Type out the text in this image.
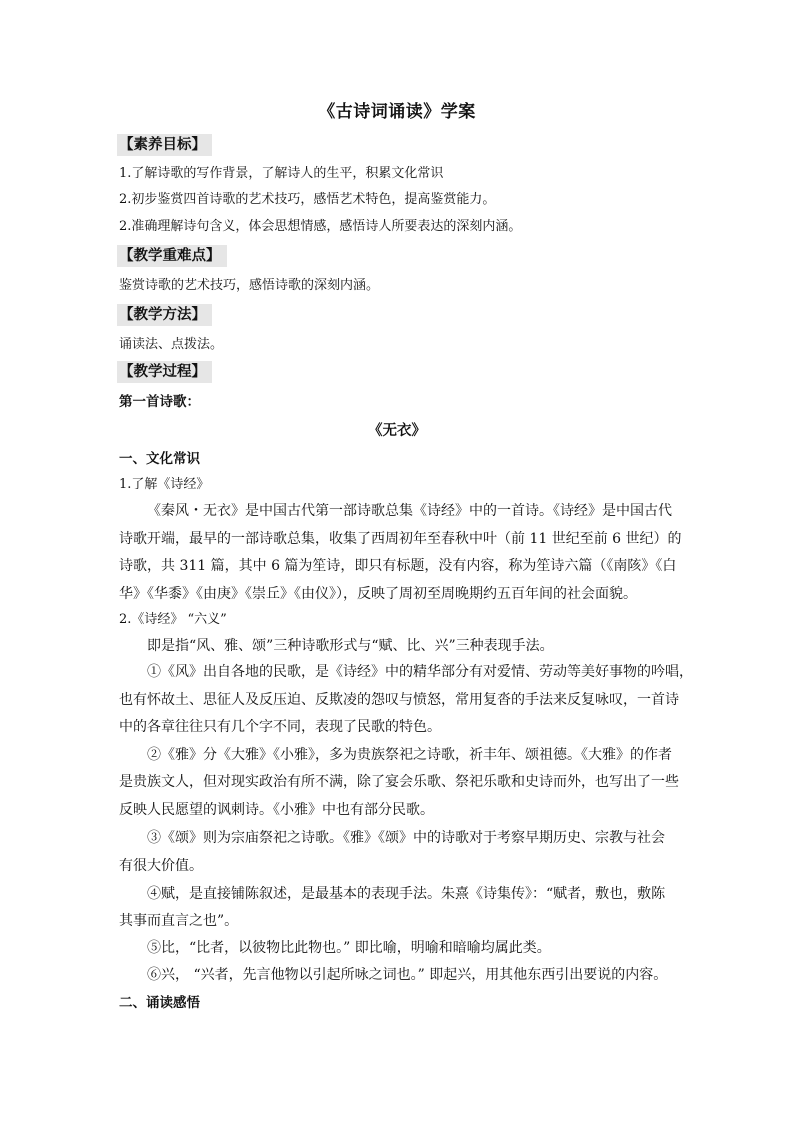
《古诗词诵读》学案
【素养目标】
1.了解诗歌的写作背景，了解诗人的生平，积累文化常识
2.初步鉴赏四首诗歌的艺术技巧，感悟艺术特色，提高鉴赏能力。
2.准确理解诗句含义，体会思想情感，感悟诗人所要表达的深刻内涵。
【教学重难点】
鉴赏诗歌的艺术技巧，感悟诗歌的深刻内涵。
【教学方法】
诵读法、点拨法。
【教学过程】
第一首诗歌：
《无衣》
一、文化常识
1.了解《诗经》
《秦风・无衣》是中国古代第一部诗歌总集《诗经》中的一首诗。《诗经》是中国古代
诗歌开端，最早的一部诗歌总集，收集了西周初年至春秋中叶（前 11 世纪至前 6 世纪）的
诗歌，共 311 篇，其中 6 篇为笙诗，即只有标题，没有内容，称为笙诗六篇（《南陔》《白
华》《华黍》《由庚》《崇丘》《由仪》），反映了周初至周晚期约五百年间的社会面貌。
2.《诗经》 “六义”
即是指“风、雅、颂”三种诗歌形式与“赋、比、兴”三种表现手法。
①《风》出自各地的民歌，是《诗经》中的精华部分有对爱情、劳动等美好事物的吟唱，
也有怀故土、思征人及反压迫、反欺凌的怨叹与愤怒，常用复沓的手法来反复咏叹，一首诗
中的各章往往只有几个字不同，表现了民歌的特色。
②《雅》分《大雅》《小雅》，多为贵族祭祀之诗歌，祈丰年、颂祖德。《大雅》的作者
是贵族文人，但对现实政治有所不满，除了宴会乐歌、祭祀乐歌和史诗而外，也写出了一些
反映人民愿望的讽刺诗。《小雅》中也有部分民歌。
③《颂》则为宗庙祭祀之诗歌。《雅》《颂》中的诗歌对于考察早期历史、宗教与社会
有很大价值。
④赋，是直接铺陈叙述，是最基本的表现手法。朱熹《诗集传》：“赋者，敷也，敷陈
其事而直言之也”。
⑤比，“比者，以彼物比此物也。” 即比喻，明喻和暗喻均属此类。
⑥兴， “兴者，先言他物以引起所咏之词也。” 即起兴，用其他东西引出要说的内容。
二、诵读感悟
